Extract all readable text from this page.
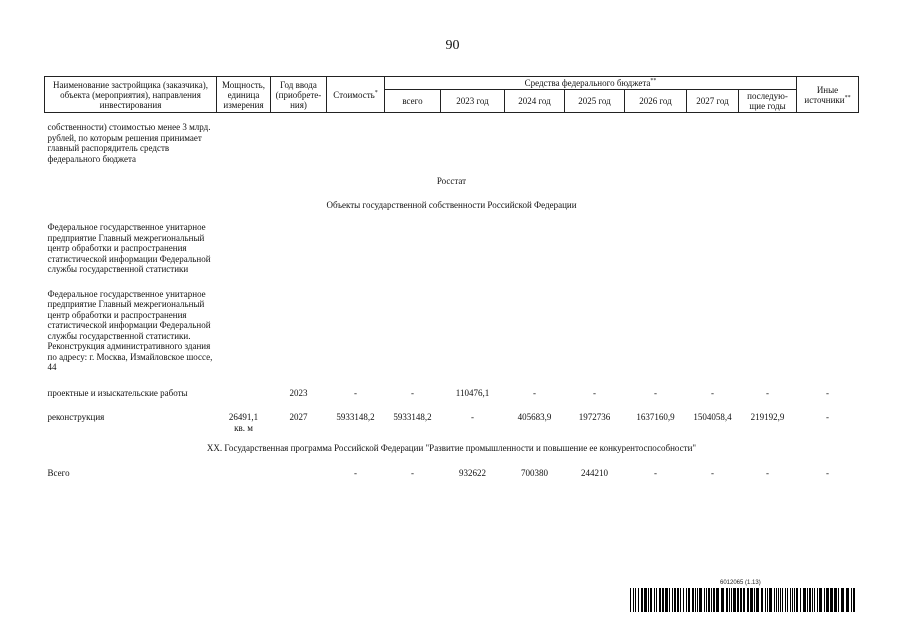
90
Наименование застройщика (заказчика), объекта (мероприятия), направления инвестирования	Мощность, единица измерения	Год ввода (приобрете-ния)	Стоимость*	Средства федерального бюджета**							Иные источники**
				всего	2023 год	2024 год	2025 год	2026 год	2027 год	последую-щие годы	

собственности) стоимостью менее 3 млрд. рублей, по которым решения принимает главный распорядитель средств федерального бюджета											
Росстат											
Объекты государственной собственности Российской Федерации											
Федеральное государственное унитарное предприятие Главный межрегиональный центр обработки и распространения статистической информации Федеральной службы государственной статистики											

Федеральное государственное унитарное предприятие Главный межрегиональный центр обработки и распространения статистической информации Федеральной службы государственной статистики. Реконструкция административного здания по адресу: г. Москва, Измайловское шоссе, 44											

проектные и изыскательские работы		2023	-	-	110476,1	-	-	-	-	-	-

реконструкция	26491,1 кв. м	2027	5933148,2	5933148,2	-	405683,9	1972736	1637160,9	1504058,4	219192,9	-
XX. Государственная программа Российской Федерации "Развитие промышленности и повышение ее конкурентоспособности"											
Всего			-	-	932622	700380	244210	-	-	-	-
6012065 (1.13)
